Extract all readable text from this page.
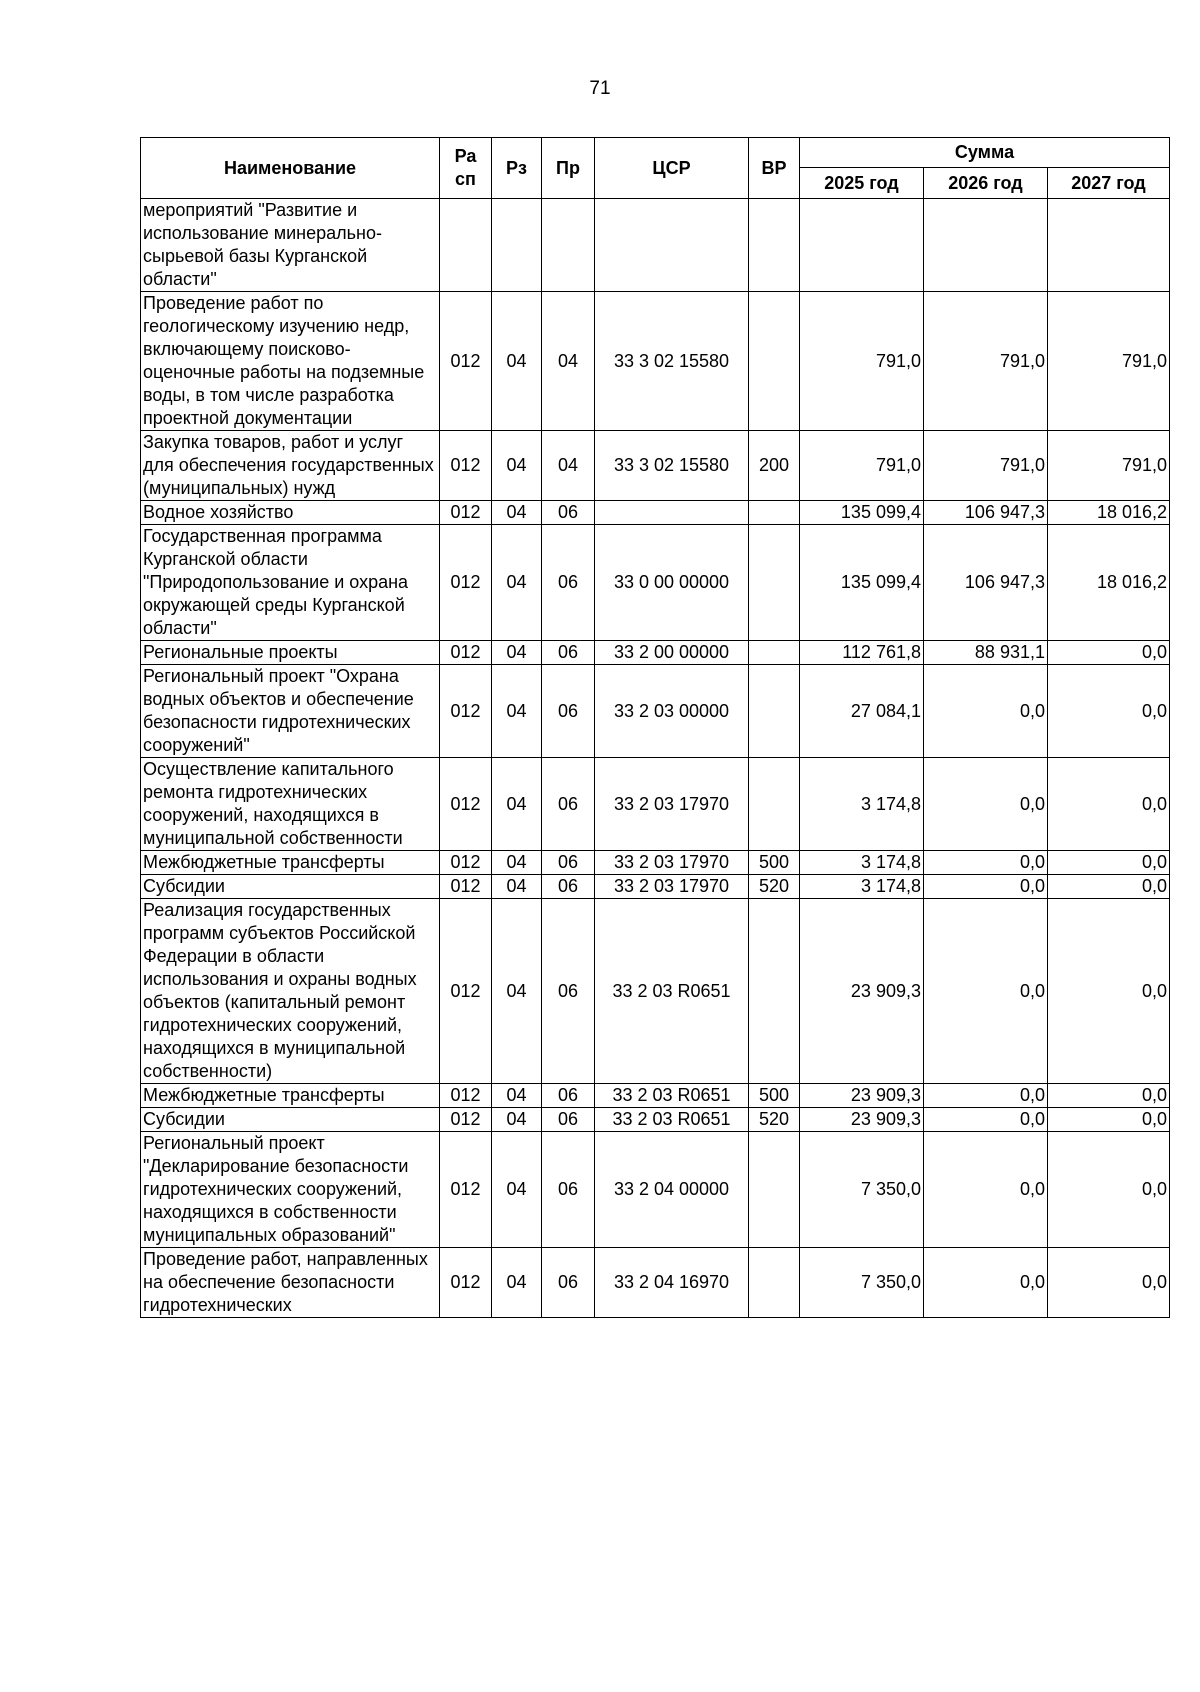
71
Наименование	Ра сп	Рз	Пр	ЦСР	ВР	Сумма		
						2025 год	2026 год	2027 год
мероприятий "Развитие и использование минерально-сырьевой базы Курганской области"								
Проведение работ по геологическому изучению недр, включающему поисково-оценочные работы на подземные воды, в том числе разработка проектной документации	012	04	04	33 3 02 15580		791,0	791,0	791,0
Закупка товаров, работ и услуг для обеспечения государственных (муниципальных) нужд	012	04	04	33 3 02 15580	200	791,0	791,0	791,0
Водное хозяйство	012	04	06			135 099,4	106 947,3	18 016,2
Государственная программа Курганской области "Природопользование и охрана окружающей среды Курганской области"	012	04	06	33 0 00 00000		135 099,4	106 947,3	18 016,2
Региональные проекты	012	04	06	33 2 00 00000		112 761,8	88 931,1	0,0
Региональный проект "Охрана водных объектов и обеспечение безопасности гидротехнических сооружений"	012	04	06	33 2 03 00000		27 084,1	0,0	0,0
Осуществление капитального ремонта гидротехнических сооружений, находящихся в муниципальной собственности	012	04	06	33 2 03 17970		3 174,8	0,0	0,0
Межбюджетные трансферты	012	04	06	33 2 03 17970	500	3 174,8	0,0	0,0
Субсидии	012	04	06	33 2 03 17970	520	3 174,8	0,0	0,0
Реализация государственных программ субъектов Российской Федерации в области использования и охраны водных объектов (капитальный ремонт гидротехнических сооружений, находящихся в муниципальной собственности)	012	04	06	33 2 03 R0651		23 909,3	0,0	0,0
Межбюджетные трансферты	012	04	06	33 2 03 R0651	500	23 909,3	0,0	0,0
Субсидии	012	04	06	33 2 03 R0651	520	23 909,3	0,0	0,0
Региональный проект "Декларирование безопасности гидротехнических сооружений, находящихся в собственности муниципальных образований"	012	04	06	33 2 04 00000		7 350,0	0,0	0,0
Проведение работ, направленных на обеспечение безопасности гидротехнических	012	04	06	33 2 04 16970		7 350,0	0,0	0,0
